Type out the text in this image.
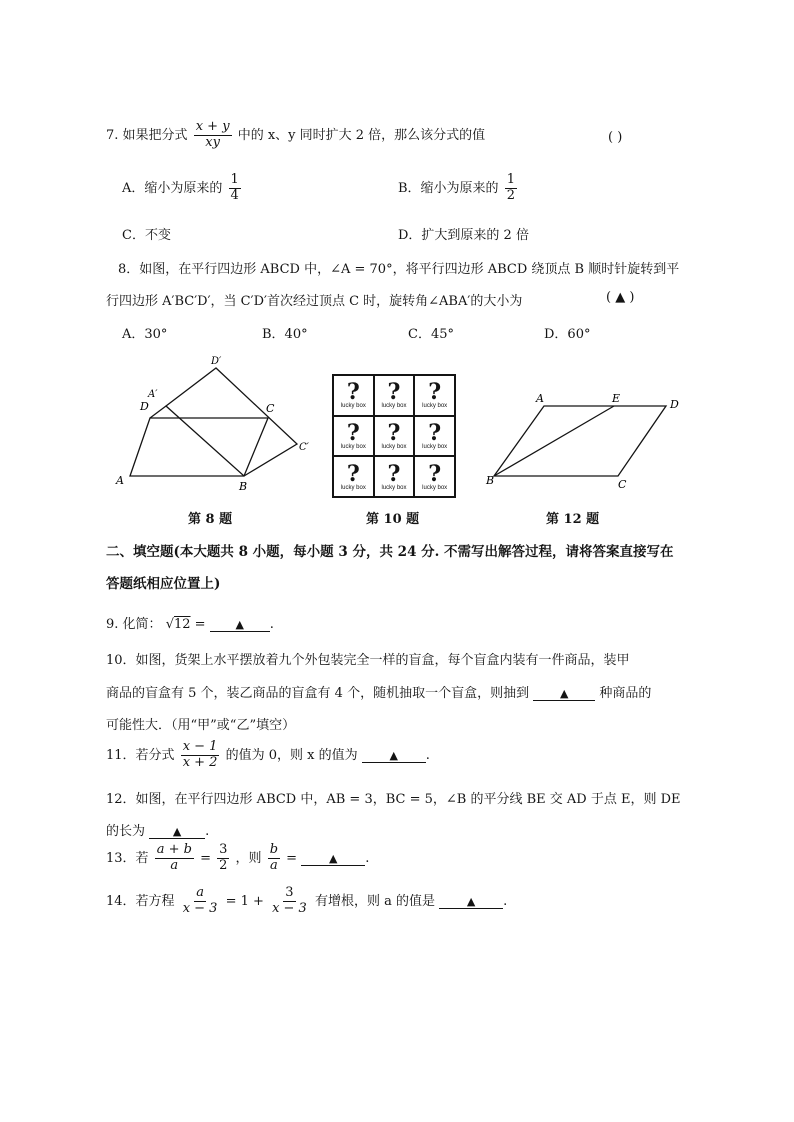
7. 如果把分式 $\frac{x + y}{xy}$ 中的 x、y 同时扩大 2 倍，那么该分式的值	( )
A．缩小为原来的 $\frac{1}{4}$	B．缩小为原来的 $\frac{1}{2}$
C．不变	D．扩大到原来的 2 倍
8．如图，在平行四边形 ABCD 中，∠A = 70°，将平行四边形 ABCD 绕顶点 B 顺时针旋转到平
行四边形 A′BC′D′，当 C′D′首次经过顶点 C 时，旋转角∠ABA′的大小为	( ▲ )
A．30°	B．40°	C．45°	D．60°
A	B
C
D
A′
C′
D′
第 8 题
?
lucky box
?
lucky box
?
lucky box
?
lucky box
?
lucky box
?
lucky box
?
lucky box
?
lucky box
?
lucky box
第 10 题
A	E	D
B	C
第 12 题
二、填空题(本大题共 8 小题，每小题 3 分，共 24 分. 不需写出解答过程，请将答案直接写在
答题纸相应位置上)
9. 化简： √12 =	▲ .
10．如图，货架上水平摆放着九个外包装完全一样的盲盒，每个盲盒内装有一件商品，装甲
商品的盲盒有 5 个，装乙商品的盲盒有 4 个，随机抽取一个盲盒，则抽到	▲ 种商品的
可能性大．（用“甲”或“乙”填空）
11．若分式 $\frac{x - 1}{x + 2}$ 的值为 0，则 x 的值为	▲ .
12．如图，在平行四边形 ABCD 中，AB = 3，BC = 5，∠B 的平分线 BE 交 AD 于点 E，则 DE
的长为	▲ .
13．若 $\frac{a + b}{a} = \frac{3}{2}$ ，则 $\frac{b}{a}$ =	▲ .
14．若方程 $\frac{a}{x - 3} = 1 + \frac{3}{x - 3}$ 有增根，则 a 的值是	▲ .
